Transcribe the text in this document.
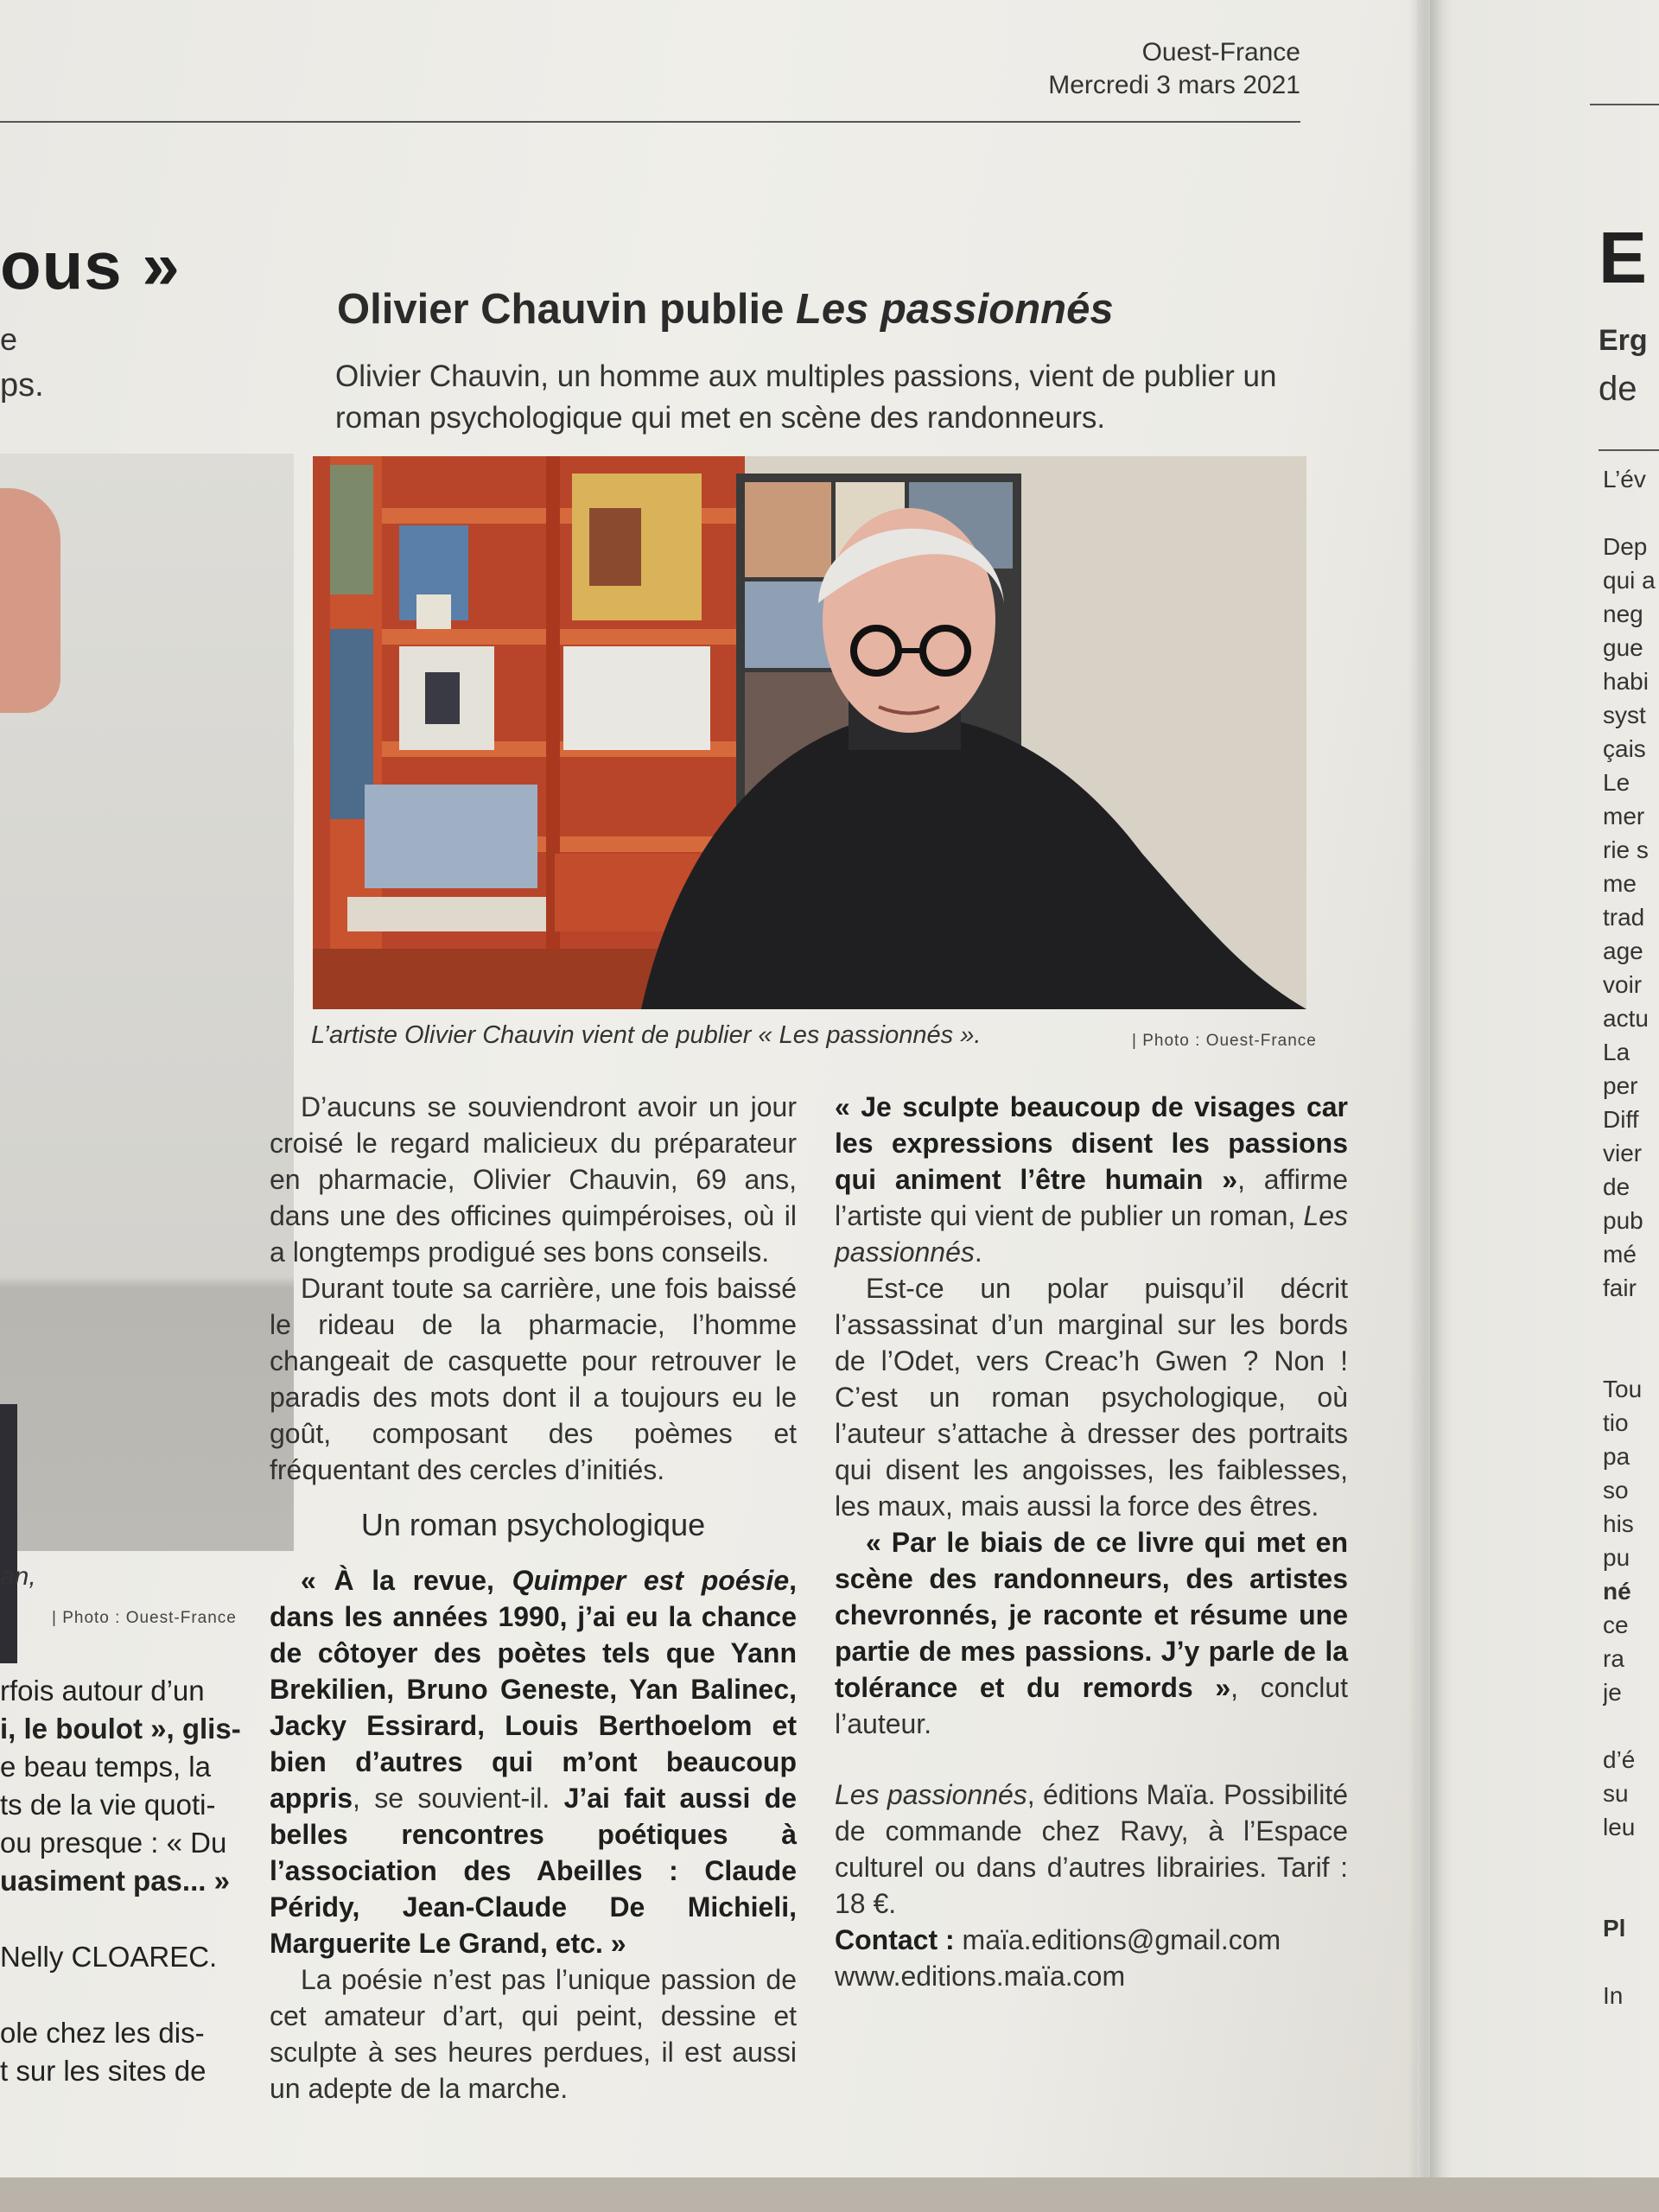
Ouest-France
Mercredi 3 mars 2021
ous »
e
ps.
an,
| Photo : Ouest-France
rfois autour d’un
i, le boulot », glis-
e beau temps, la
ts de la vie quoti-
ou presque : « Du
uasiment pas... »

Nelly CLOAREC.

ole chez les dis-
t sur les sites de
Olivier Chauvin publie Les passionnés
Olivier Chauvin, un homme aux multiples passions, vient de publier un roman psychologique qui met en scène des randonneurs.
L’artiste Olivier Chauvin vient de publier « Les passionnés ».	| Photo : Ouest-France

D’aucuns se souviendront avoir un jour croisé le regard malicieux du préparateur en pharmacie, Olivier Chauvin, 69 ans, dans une des officines quimpéroises, où il a longtemps prodigué ses bons conseils.

Durant toute sa carrière, une fois baissé le rideau de la pharmacie, l’homme changeait de casquette pour retrouver le paradis des mots dont il a toujours eu le goût, composant des poèmes et fréquentant des cercles d’initiés.

Un roman psychologique

« À la revue, Quimper est poésie, dans les années 1990, j’ai eu la chance de côtoyer des poètes tels que Yann Brekilien, Bruno Geneste, Yan Balinec, Jacky Essirard, Louis Berthoelom et bien d’autres qui m’ont beaucoup appris, se souvient-il. J’ai fait aussi de belles rencontres poétiques à l’association des Abeilles : Claude Péridy, Jean-Claude De Michieli, Marguerite Le Grand, etc. »

La poésie n’est pas l’unique passion de cet amateur d’art, qui peint, dessine et sculpte à ses heures perdues, il est aussi un adepte de la marche.

« Je sculpte beaucoup de visages car les expressions disent les passions qui animent l’être humain », affirme l’artiste qui vient de publier un roman, Les passionnés.

Est-ce un polar puisqu’il décrit l’assassinat d’un marginal sur les bords de l’Odet, vers Creac’h Gwen ? Non ! C’est un roman psychologique, où l’auteur s’attache à dresser des portraits qui disent les angoisses, les faiblesses, les maux, mais aussi la force des êtres.

« Par le biais de ce livre qui met en scène des randonneurs, des artistes chevronnés, je raconte et résume une partie de mes passions. J’y parle de la tolérance et du remords », conclut l’auteur.

Les passionnés, éditions Maïa. Possibilité de commande chez Ravy, à l’Espace culturel ou dans d’autres librairies. Tarif : 18 €.

Contact : maïa.editions@gmail.com

www.editions.maïa.com

E
Erg
de
L’év

Dep
qui a
neg
gue
habi
syst
çais
Le
mer
rie s
me
trad
age
voir
actu
La
per
Diff
vier
de
pub
mé
fair

Tou
tio
pa
so
his
pu
né
ce
ra
je

d’é
su
leu

Pl

In
